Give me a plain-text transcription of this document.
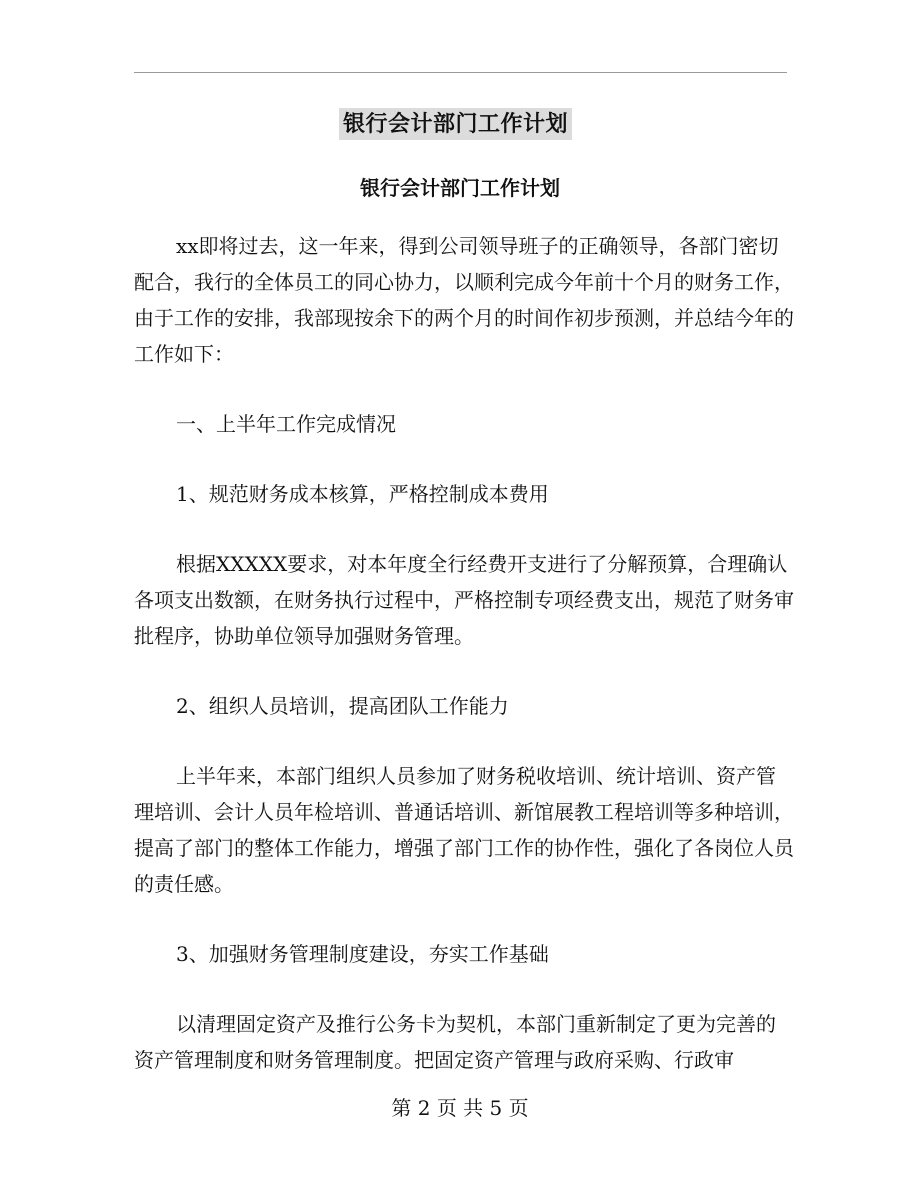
银行会计部门工作计划
银行会计部门工作计划

xx即将过去，这一年来，得到公司领导班子的正确领导，各部门密切配合，我行的全体员工的同心协力，以顺利完成今年前十个月的财务工作，由于工作的安排，我部现按余下的两个月的时间作初步预测，并总结今年的工作如下：

一、上半年工作完成情况

1、规范财务成本核算，严格控制成本费用

根据XXXXX要求，对本年度全行经费开支进行了分解预算，合理确认各项支出数额，在财务执行过程中，严格控制专项经费支出，规范了财务审批程序，协助单位领导加强财务管理。

2、组织人员培训，提高团队工作能力

上半年来，本部门组织人员参加了财务税收培训、统计培训、资产管理培训、会计人员年检培训、普通话培训、新馆展教工程培训等多种培训，提高了部门的整体工作能力，增强了部门工作的协作性，强化了各岗位人员的责任感。

3、加强财务管理制度建设，夯实工作基础

以清理固定资产及推行公务卡为契机，本部门重新制定了更为完善的资产管理制度和财务管理制度。把固定资产管理与政府采购、行政审

第 2 页 共 5 页
